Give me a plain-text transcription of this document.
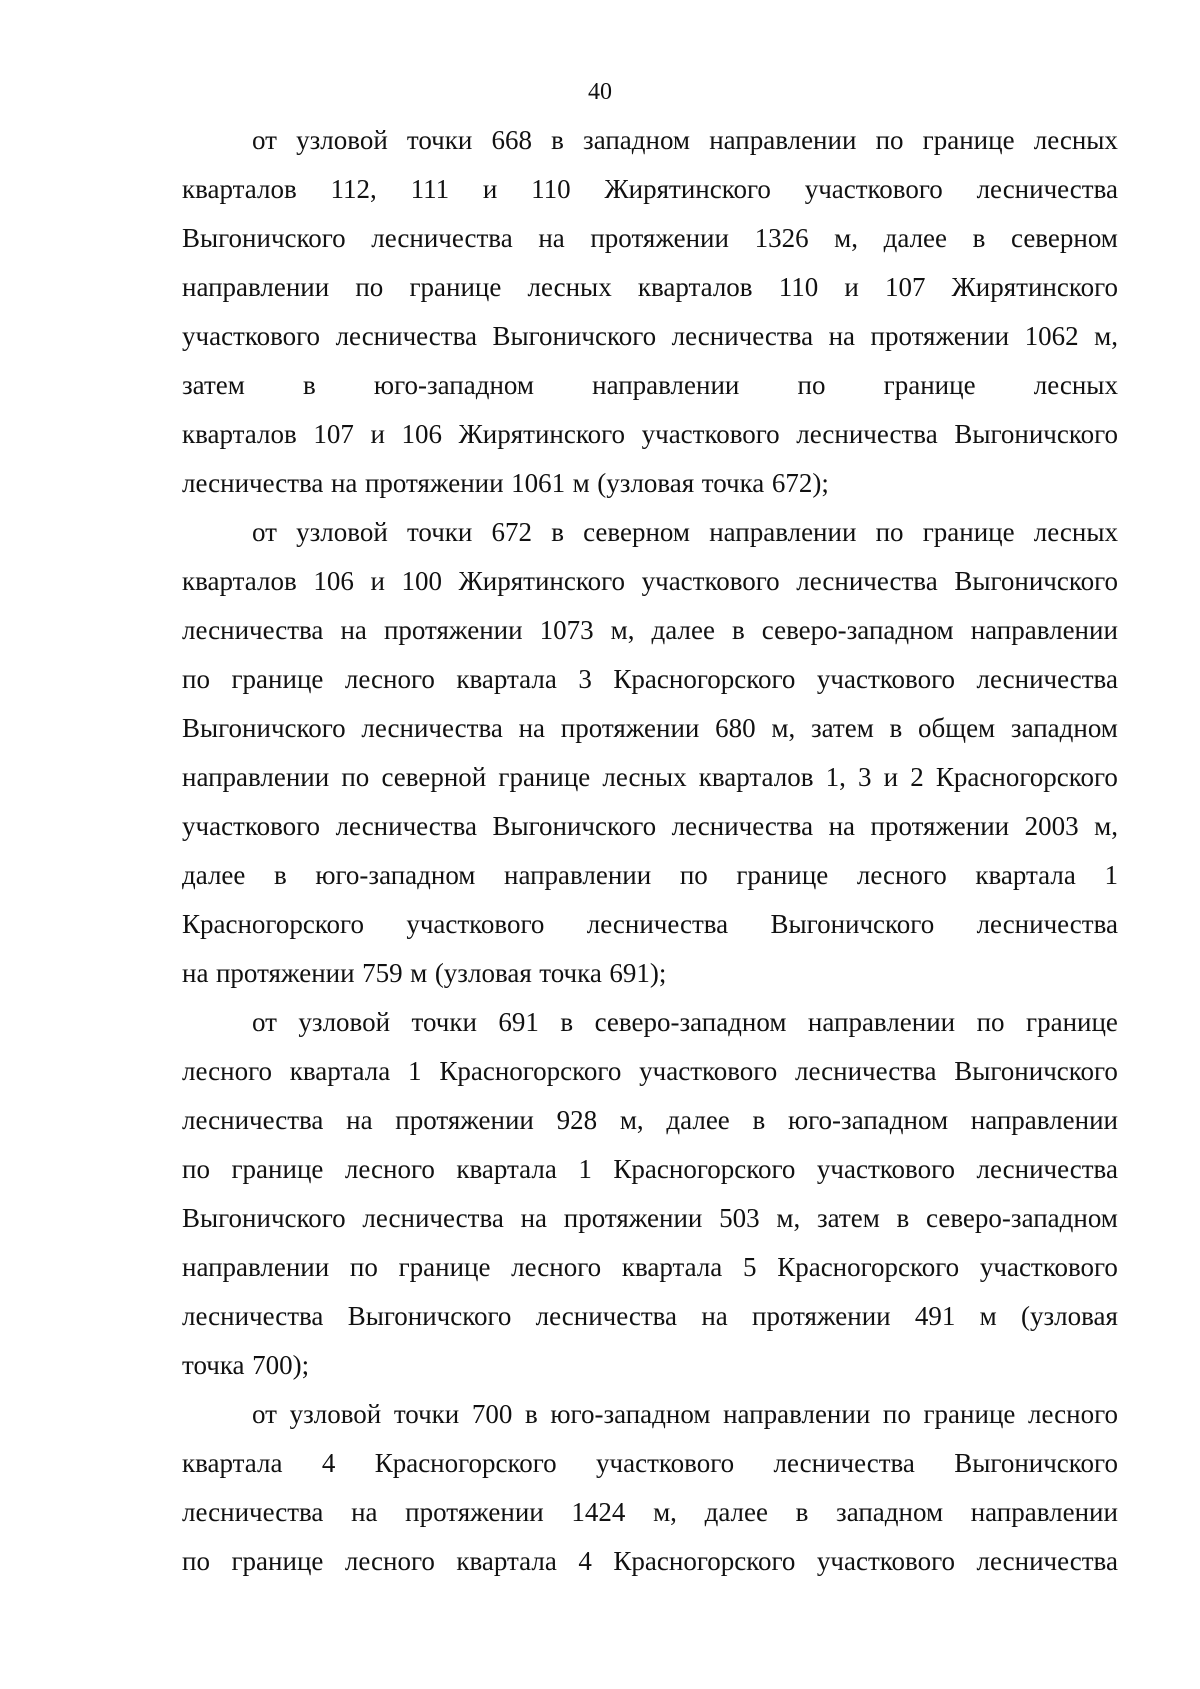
40
от узловой точки 668 в западном направлении по границе лесных
кварталов 112, 111 и 110 Жирятинского участкового лесничества
Выгоничского лесничества на протяжении 1326 м, далее в северном
направлении по границе лесных кварталов 110 и 107 Жирятинского
участкового лесничества Выгоничского лесничества на протяжении 1062 м,
затем в юго-западном направлении по границе лесных
кварталов 107 и 106 Жирятинского участкового лесничества Выгоничского
лесничества на протяжении 1061 м (узловая точка 672);
от узловой точки 672 в северном направлении по границе лесных
кварталов 106 и 100 Жирятинского участкового лесничества Выгоничского
лесничества на протяжении 1073 м, далее в северо-западном направлении
по границе лесного квартала 3 Красногорского участкового лесничества
Выгоничского лесничества на протяжении 680 м, затем в общем западном
направлении по северной границе лесных кварталов 1, 3 и 2 Красногорского
участкового лесничества Выгоничского лесничества на протяжении 2003 м,
далее в юго-западном направлении по границе лесного квартала 1
Красногорского участкового лесничества Выгоничского лесничества
на протяжении 759 м (узловая точка 691);
от узловой точки 691 в северо-западном направлении по границе
лесного квартала 1 Красногорского участкового лесничества Выгоничского
лесничества на протяжении 928 м, далее в юго-западном направлении
по границе лесного квартала 1 Красногорского участкового лесничества
Выгоничского лесничества на протяжении 503 м, затем в северо-западном
направлении по границе лесного квартала 5 Красногорского участкового
лесничества Выгоничского лесничества на протяжении 491 м (узловая
точка 700);
от узловой точки 700 в юго-западном направлении по границе лесного
квартала 4 Красногорского участкового лесничества Выгоничского
лесничества на протяжении 1424 м, далее в западном направлении
по границе лесного квартала 4 Красногорского участкового лесничества
